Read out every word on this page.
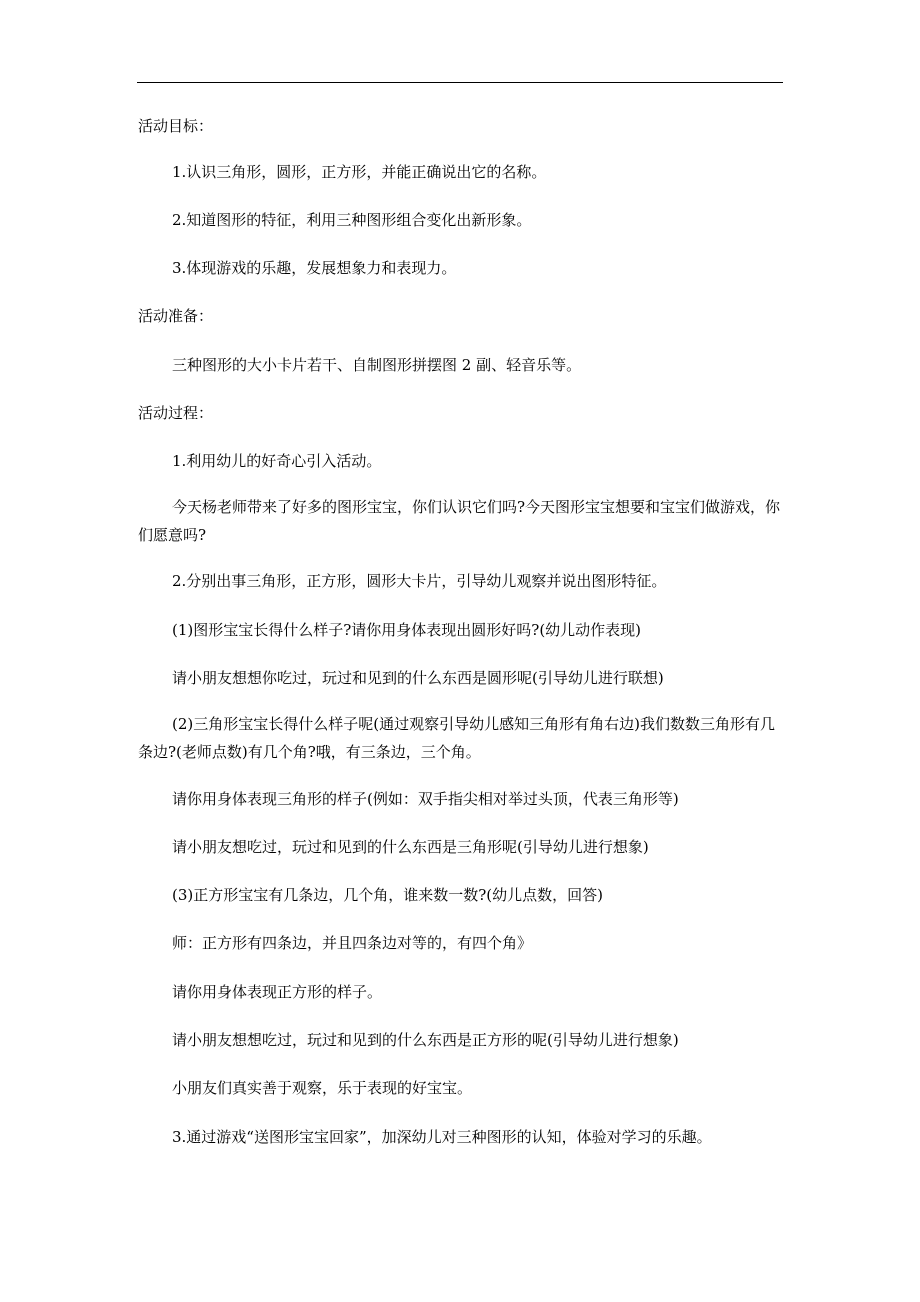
活动目标：
1.认识三角形，圆形，正方形，并能正确说出它的名称。
2.知道图形的特征，利用三种图形组合变化出新形象。
3.体现游戏的乐趣，发展想象力和表现力。
活动准备：
三种图形的大小卡片若干、自制图形拼摆图 2 副、轻音乐等。
活动过程：
1.利用幼儿的好奇心引入活动。
今天杨老师带来了好多的图形宝宝，你们认识它们吗?今天图形宝宝想要和宝宝们做游戏，你们愿意吗?
2.分别出事三角形，正方形，圆形大卡片，引导幼儿观察并说出图形特征。
(1)图形宝宝长得什么样子?请你用身体表现出圆形好吗?(幼儿动作表现)
请小朋友想想你吃过，玩过和见到的什么东西是圆形呢(引导幼儿进行联想)
(2)三角形宝宝长得什么样子呢(通过观察引导幼儿感知三角形有角右边)我们数数三角形有几条边?(老师点数)有几个角?哦，有三条边，三个角。
请你用身体表现三角形的样子(例如：双手指尖相对举过头顶，代表三角形等)
请小朋友想吃过，玩过和见到的什么东西是三角形呢(引导幼儿进行想象)
(3)正方形宝宝有几条边，几个角，谁来数一数?(幼儿点数，回答)
师：正方形有四条边，并且四条边对等的，有四个角》
请你用身体表现正方形的样子。
请小朋友想想吃过，玩过和见到的什么东西是正方形的呢(引导幼儿进行想象)
小朋友们真实善于观察，乐于表现的好宝宝。
3.通过游戏“送图形宝宝回家”，加深幼儿对三种图形的认知，体验对学习的乐趣。
